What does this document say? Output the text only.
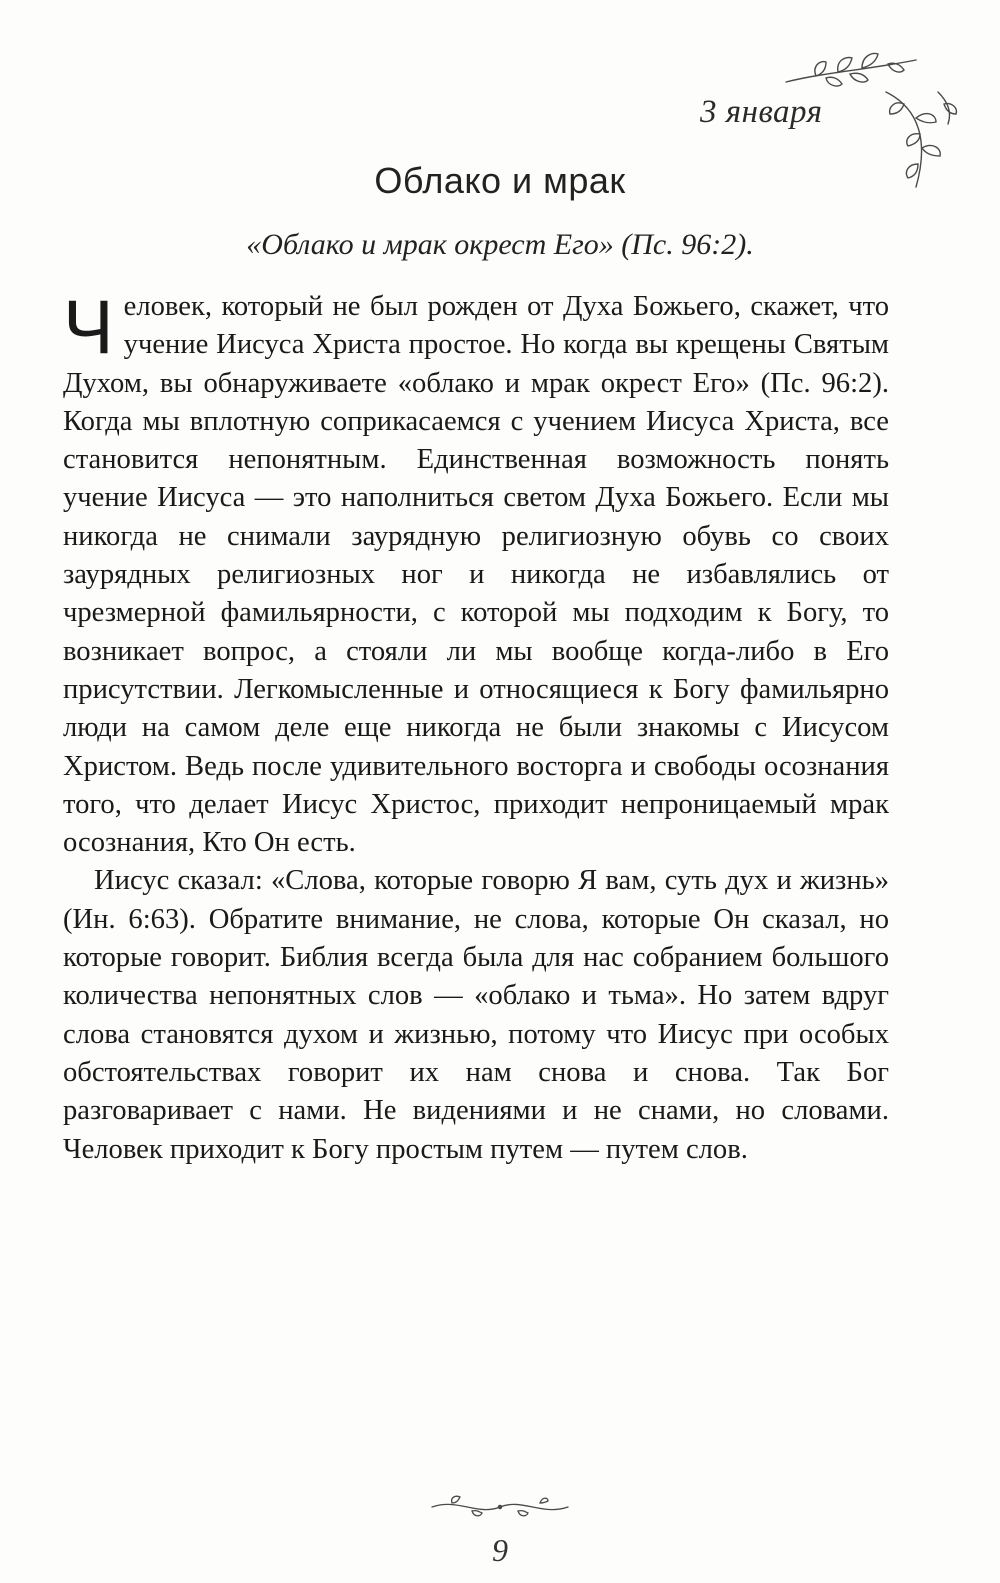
3 января
Облако и мрак
«Облако и мрак окрест Его» (Пс. 96:2).

Человек, который не был рожден от Духа Божьего, скажет, что учение Иисуса Христа простое. Но когда вы крещены Святым Духом, вы обнаруживаете «облако и мрак окрест Его» (Пс. 96:2). Когда мы вплотную соприкасаемся с учением Иисуса Христа, все становится непонятным. Единственная возможность понять учение Иисуса — это наполниться светом Духа Божьего. Если мы никогда не снимали заурядную религиозную обувь со своих заурядных религиозных ног и никогда не избавлялись от чрезмерной фамильярности, с которой мы подходим к Богу, то возникает вопрос, а стояли ли мы вообще когда-либо в Его присутствии. Легкомысленные и относящиеся к Богу фамильярно люди на самом деле еще никогда не были знакомы с Иисусом Христом. Ведь после удивительного восторга и свободы осознания того, что делает Иисус Христос, приходит непроницаемый мрак осознания, Кто Он есть.

Иисус сказал: «Слова, которые говорю Я вам, суть дух и жизнь» (Ин. 6:63). Обратите внимание, не слова, которые Он сказал, но которые говорит. Библия всегда была для нас собранием большого количества непонятных слов — «облако и тьма». Но затем вдруг слова становятся духом и жизнью, потому что Иисус при особых обстоятельствах говорит их нам снова и снова. Так Бог разговаривает с нами. Не видениями и не снами, но словами. Человек приходит к Богу простым путем — путем слов.

9
